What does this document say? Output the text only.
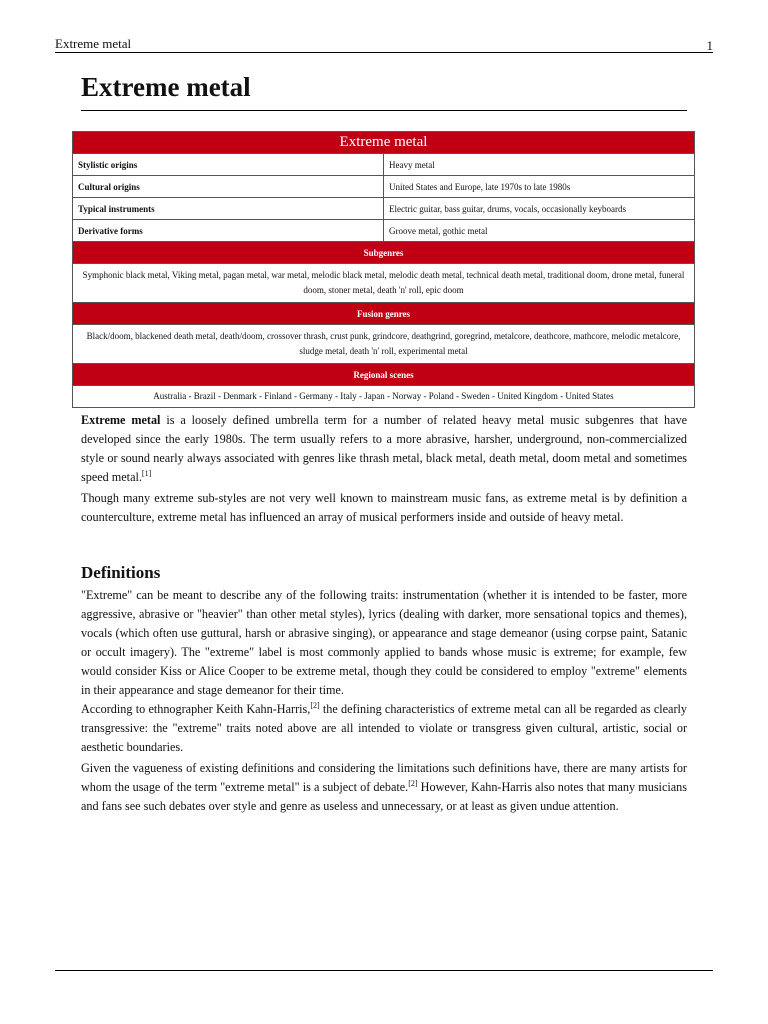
Extreme metal	1
Extreme metal
Extreme metal	
Stylistic origins	Heavy metal
Cultural origins	United States and Europe, late 1970s to late 1980s
Typical instruments	Electric guitar, bass guitar, drums, vocals, occasionally keyboards
Derivative forms	Groove metal, gothic metal
Subgenres	
Symphonic black metal, Viking metal, pagan metal, war metal, melodic black metal, melodic death metal, technical death metal, traditional doom, drone metal, funeral doom, stoner metal, death 'n' roll, epic doom	
Fusion genres	
Black/doom, blackened death metal, death/doom, crossover thrash, crust punk, grindcore, deathgrind, goregrind, metalcore, deathcore, mathcore, melodic metalcore, sludge metal, death 'n' roll, experimental metal	
Regional scenes	
Australia - Brazil - Denmark - Finland - Germany - Italy - Japan - Norway - Poland - Sweden - United Kingdom - United States	

Extreme metal is a loosely defined umbrella term for a number of related heavy metal music subgenres that have developed since the early 1980s. The term usually refers to a more abrasive, harsher, underground, non-commercialized style or sound nearly always associated with genres like thrash metal, black metal, death metal, doom metal and sometimes speed metal.[1]

Though many extreme sub-styles are not very well known to mainstream music fans, as extreme metal is by definition a counterculture, extreme metal has influenced an array of musical performers inside and outside of heavy metal.

Definitions

"Extreme" can be meant to describe any of the following traits: instrumentation (whether it is intended to be faster, more aggressive, abrasive or "heavier" than other metal styles), lyrics (dealing with darker, more sensational topics and themes), vocals (which often use guttural, harsh or abrasive singing), or appearance and stage demeanor (using corpse paint, Satanic or occult imagery). The "extreme" label is most commonly applied to bands whose music is extreme; for example, few would consider Kiss or Alice Cooper to be extreme metal, though they could be considered to employ "extreme" elements in their appearance and stage demeanor for their time.

According to ethnographer Keith Kahn-Harris,[2] the defining characteristics of extreme metal can all be regarded as clearly transgressive: the "extreme" traits noted above are all intended to violate or transgress given cultural, artistic, social or aesthetic boundaries.

Given the vagueness of existing definitions and considering the limitations such definitions have, there are many artists for whom the usage of the term "extreme metal" is a subject of debate.[2] However, Kahn-Harris also notes that many musicians and fans see such debates over style and genre as useless and unnecessary, or at least as given undue attention.
